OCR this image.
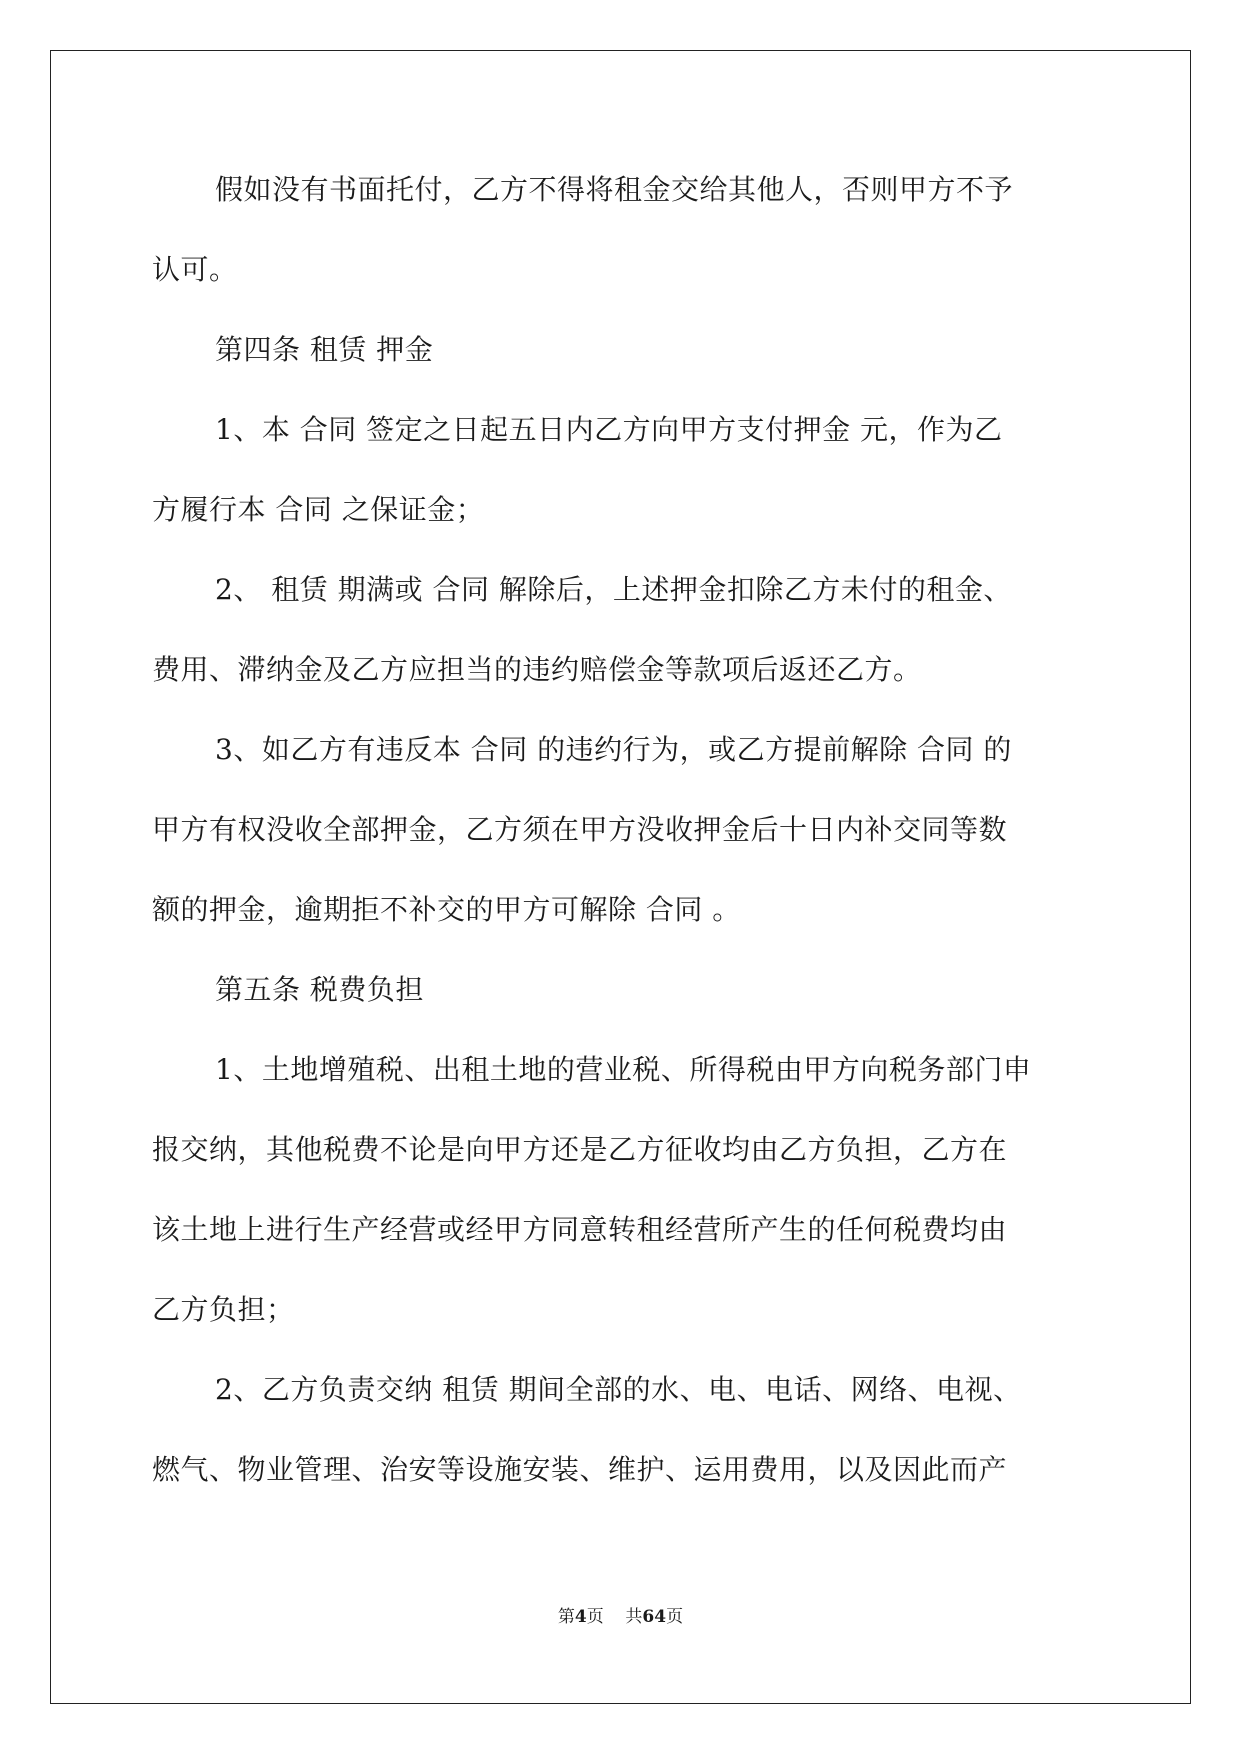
假如没有书面托付，乙方不得将租金交给其他人，否则甲方不予
认可。
第四条 租赁 押金
1、本 合同 签定之日起五日内乙方向甲方支付押金 元，作为乙
方履行本 合同 之保证金；
2、 租赁 期满或 合同 解除后，上述押金扣除乙方未付的租金、
费用、滞纳金及乙方应担当的违约赔偿金等款项后返还乙方。
3、如乙方有违反本 合同 的违约行为，或乙方提前解除 合同 的
甲方有权没收全部押金，乙方须在甲方没收押金后十日内补交同等数
额的押金，逾期拒不补交的甲方可解除 合同 。
第五条 税费负担
1、土地增殖税、出租土地的营业税、所得税由甲方向税务部门申
报交纳，其他税费不论是向甲方还是乙方征收均由乙方负担，乙方在
该土地上进行生产经营或经甲方同意转租经营所产生的任何税费均由
乙方负担；
2、乙方负责交纳 租赁 期间全部的水、电、电话、网络、电视、
燃气、物业管理、治安等设施安装、维护、运用费用，以及因此而产
第4页 共64页
